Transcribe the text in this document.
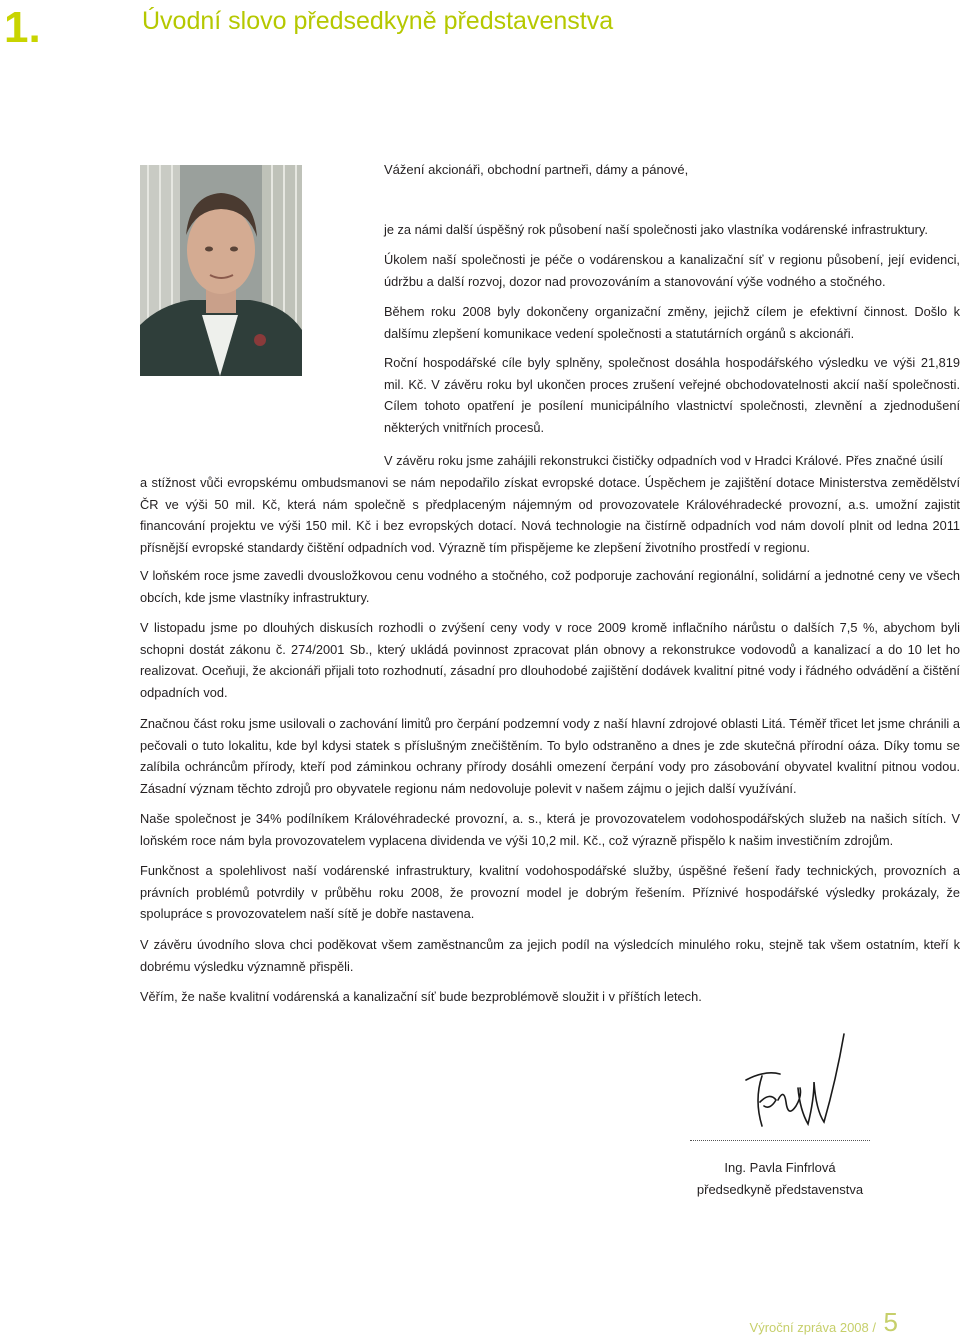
1.	Úvodní slovo předsedkyně představenstva
Vážení akcionáři, obchodní partneři, dámy a pánové,

je za námi další úspěšný rok působení naší společnosti jako vlastníka vodárenské infrastruktury.

Úkolem naší společnosti je péče o vodárenskou a kanalizační síť v regionu působení, její evidenci, údržbu a další rozvoj, dozor nad provozováním a stanovování výše vodného a stočného.

Během roku 2008 byly dokončeny organizační změny, jejichž cílem je efektivní činnost. Došlo k dalšímu zlepšení komunikace vedení společnosti a statutárních orgánů s akcionáři.

Roční hospodářské cíle byly splněny, společnost dosáhla hospodářského výsledku ve výši 21,819 mil. Kč. V závěru roku byl ukončen proces zrušení veřejné obchodovatelnosti akcií naší společnosti. Cílem tohoto opatření je posílení municipálního vlastnictví společnosti, zlevnění a zjednodušení některých vnitřních procesů.

V závěru roku jsme zahájili rekonstrukci čističky odpadních vod v Hradci Králové. Přes značné úsilí

a stížnost vůči evropskému ombudsmanovi se nám nepodařilo získat evropské dotace. Úspěchem je zajištění dotace Ministerstva zemědělství ČR ve výši 50 mil. Kč, která nám společně s předplaceným nájemným od provozovatele Královéhradecké provozní, a.s. umožní zajistit financování projektu ve výši 150 mil. Kč i bez evropských dotací. Nová technologie na čistírně odpadních vod nám dovolí plnit od ledna 2011 přísnější evropské standardy čištění odpadních vod. Výrazně tím přispějeme ke zlepšení životního prostředí v regionu.

V loňském roce jsme zavedli dvousložkovou cenu vodného a stočného, což podporuje zachování regionální, solidární a jednotné ceny ve všech obcích, kde jsme vlastníky infrastruktury.

V listopadu jsme po dlouhých diskusích rozhodli o zvýšení ceny vody v roce 2009 kromě inflačního nárůstu o dalších 7,5 %, abychom byli schopni dostát zákonu č. 274/2001 Sb., který ukládá povinnost zpracovat plán obnovy a rekonstrukce vodovodů a kanalizací a do 10 let ho realizovat. Oceňuji, že akcionáři přijali toto rozhodnutí, zásadní pro dlouhodobé zajištění dodávek kvalitní pitné vody i řádného odvádění a čištění odpadních vod.

Značnou část roku jsme usilovali o zachování limitů pro čerpání podzemní vody z naší hlavní zdrojové oblasti Litá. Téměř třicet let jsme chránili a pečovali o tuto lokalitu, kde byl kdysi statek s příslušným znečištěním. To bylo odstraněno a dnes je zde skutečná přírodní oáza. Díky tomu se zalíbila ochráncům přírody, kteří pod záminkou ochrany přírody dosáhli omezení čerpání vody pro zásobování obyvatel kvalitní pitnou vodou. Zásadní význam těchto zdrojů pro obyvatele regionu nám nedovoluje polevit v našem zájmu o jejich další využívání.

Naše společnost je 34% podílníkem Královéhradecké provozní, a. s., která je provozovatelem vodohospodářských služeb na našich sítích. V loňském roce nám byla provozovatelem vyplacena dividenda ve výši 10,2 mil. Kč., což výrazně přispělo k našim investičním zdrojům.

Funkčnost a spolehlivost naší vodárenské infrastruktury, kvalitní vodohospodářské služby, úspěšné řešení řady technických, provozních a právních problémů potvrdily v průběhu roku 2008, že provozní model je dobrým řešením. Příznivé hospodářské výsledky prokázaly, že spolupráce s provozovatelem naší sítě je dobře nastavena.

V závěru úvodního slova chci poděkovat všem zaměstnancům za jejich podíl na výsledcích minulého roku, stejně tak všem ostatním, kteří k dobrému výsledku významně přispěli.

Věřím, že naše kvalitní vodárenská a kanalizační síť bude bezproblémově sloužit i v příštích letech.

Ing. Pavla Finfrlová
předsedkyně představenstva
Výroční zpráva 2008 / 5
